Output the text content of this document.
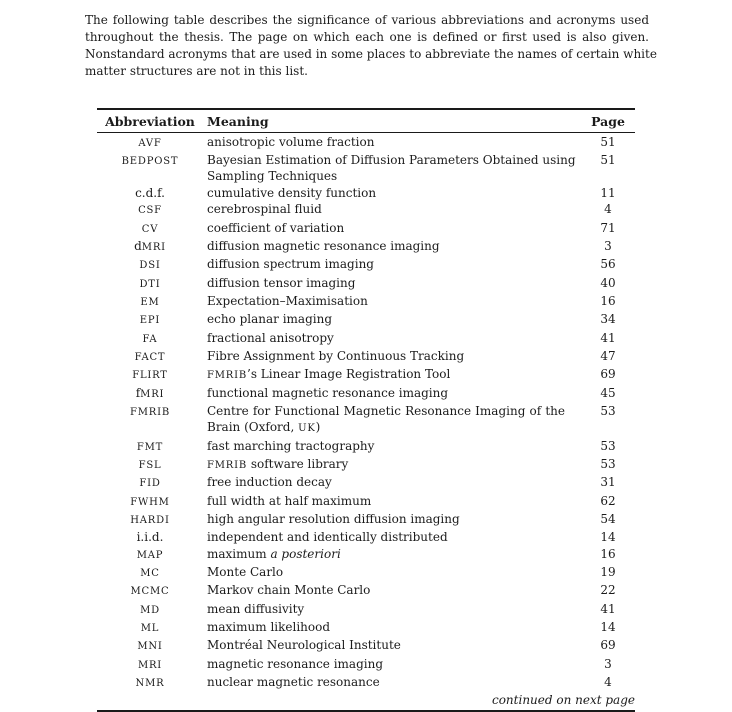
The following table describes the significance of various abbreviations and acronyms used
throughout the thesis. The page on which each one is defined or first used is also given.
Nonstandard acronyms that are used in some places to abbreviate the names of certain white
matter structures are not in this list.
Abbreviation Meaning	Page
AVF	anisotropic volume fraction	51
BEDPOST	Bayesian Estimation of Diffusion Parameters Obtained using
Sampling Techniques
51
c.d.f.	cumulative density function	11
CSF	cerebrospinal fluid	4
CV	coefficient of variation	71
dMRI	diffusion magnetic resonance imaging	3
DSI	diffusion spectrum imaging	56
DTI	diffusion tensor imaging	40
EM	Expectation–Maximisation	16
EPI	echo planar imaging	34
FA	fractional anisotropy	41
FACT	Fibre Assignment by Continuous Tracking	47
FLIRT	FMRIB’s Linear Image Registration Tool	69
fMRI	functional magnetic resonance imaging	45
FMRIB	Centre for Functional Magnetic Resonance Imaging of the
Brain (Oxford, UK)
53
FMT	fast marching tractography	53
FSL	FMRIB software library	53
FID	free induction decay	31
FWHM	full width at half maximum	62
HARDI	high angular resolution diffusion imaging	54
i.i.d.	independent and identically distributed	14
MAP	maximum a posteriori	16
MC	Monte Carlo	19
MCMC	Markov chain Monte Carlo	22
MD	mean diffusivity	41
ML	maximum likelihood	14
MNI	Montréal Neurological Institute	69
MRI	magnetic resonance imaging	3
NMR	nuclear magnetic resonance	4
continued on next page
